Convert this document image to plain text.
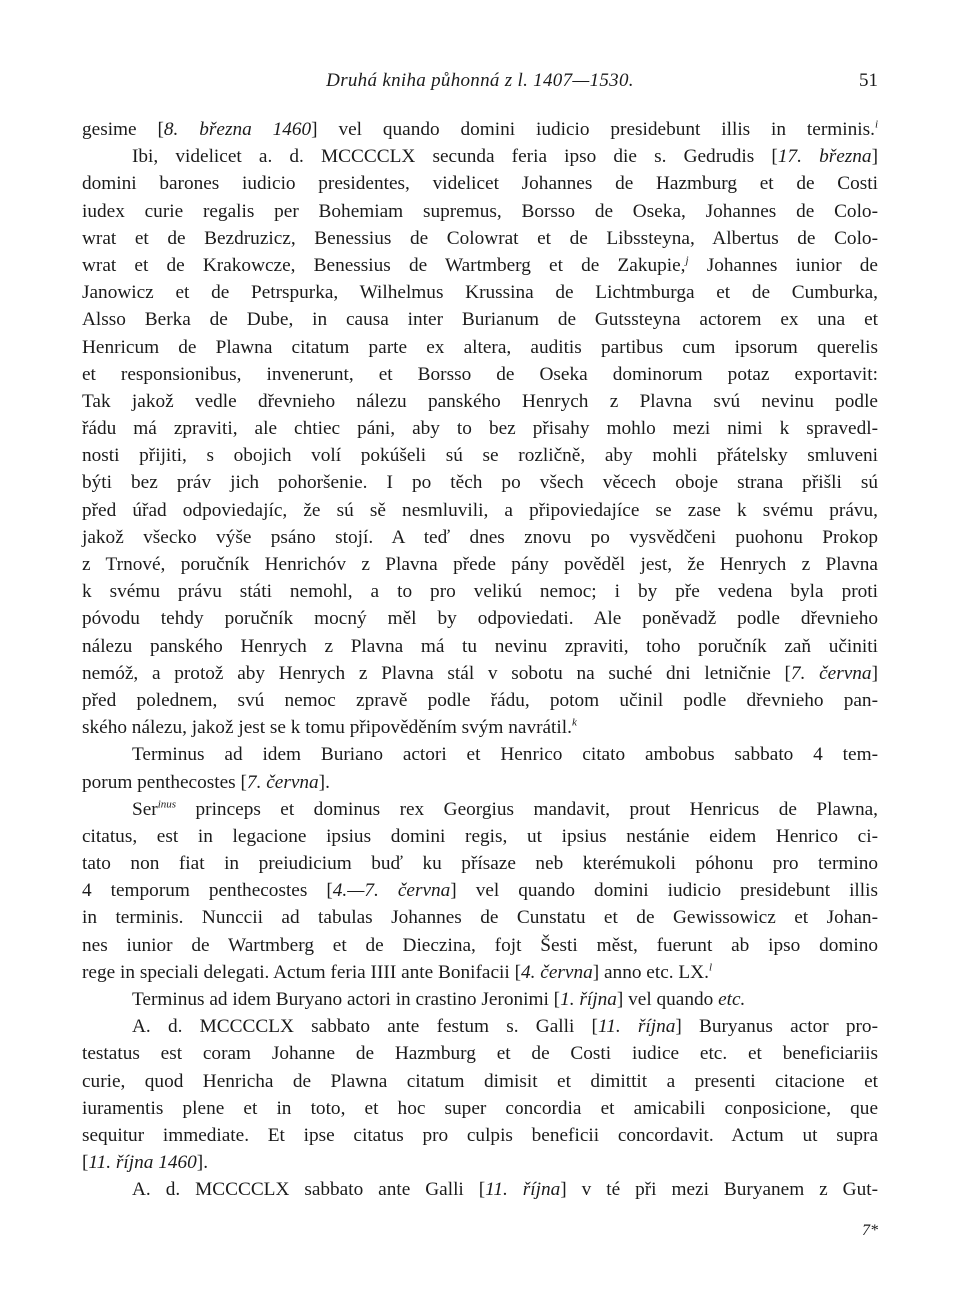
Druhá kniha půhonná z l. 1407—1530.	51
gesime [8. března 1460] vel quando domini iudicio presidebunt illis in terminis.$^i$
Ibi, videlicet a. d. MCCCCLX secunda feria ipso die s. Gedrudis [17. března]
domini barones iudicio presidentes, videlicet Johannes de Hazmburg et de Costi
iudex curie regalis per Bohemiam supremus, Borsso de Oseka, Johannes de Colo-
wrat et de Bezdruzicz, Benessius de Colowrat et de Libssteyna, Albertus de Colo-
wrat et de Krakowcze, Benessius de Wartmberg et de Zakupie,$^j$ Johannes iunior de
Janowicz et de Petrspurka, Wilhelmus Krussina de Lichtmburga et de Cumburka,
Alsso Berka de Dube, in causa inter Burianum de Gutssteyna actorem ex una et
Henricum de Plawna citatum parte ex altera, auditis partibus cum ipsorum querelis
et responsionibus, invenerunt, et Borsso de Oseka dominorum potaz exportavit:
Tak jakož vedle dřevnieho nálezu panského Henrych z Plavna svú nevinu podle
řádu má zpraviti, ale chtiec páni, aby to bez přisahy mohlo mezi nimi k spravedl-
nosti přijiti, s obojich volí pokúšeli sú se rozličně, aby mohli přátelsky smluveni
býti bez práv jich pohoršenie. I po těch po všech věcech oboje strana přišli sú
před úřad odpoviedajíc, že sú sě nesmluvili, a připoviedajíce se zase k svému právu,
jakož všecko výše psáno stojí. A teď dnes znovu po vysvědčeni puohonu Prokop
z Trnové, poručník Henrichóv z Plavna přede pány pověděl jest, že Henrych z Plavna
k svému právu státi nemohl, a to pro velikú nemoc; i by pře vedena byla proti
póvodu tehdy poručník mocný měl by odpoviedati. Ale poněvadž podle dřevnieho
nálezu panského Henrych z Plavna má tu nevinu zpraviti, toho poručník zaň učiniti
nemóž, a protož aby Henrych z Plavna stál v sobotu na suché dni letničnie [7. června]
před polednem, svú nemoc zpravě podle řádu, potom učinil podle dřevnieho pan-
ského nálezu, jakož jest se k tomu připověděním svým navrátil.$^k$
Terminus ad idem Buriano actori et Henrico citato ambobus sabbato 4 tem-
porum penthecostes [7. června].
Ser$^{inus}$ princeps et dominus rex Georgius mandavit, prout Henricus de Plawna,
citatus, est in legacione ipsius domini regis, ut ipsius nestánie eidem Henrico ci-
tato non fiat in preiudicium buď ku přísaze neb kterémukoli póhonu pro termino
4 temporum penthecostes [4.—7. června] vel quando domini iudicio presidebunt illis
in terminis. Nunccii ad tabulas Johannes de Cunstatu et de Gewissowicz et Johan-
nes iunior de Wartmberg et de Dieczina, fojt Šesti měst, fuerunt ab ipso domino
rege in speciali delegati. Actum feria IIII ante Bonifacii [4. června] anno etc. LX.$^l$
Terminus ad idem Buryano actori in crastino Jeronimi [1. října] vel quando etc.
A. d. MCCCCLX sabbato ante festum s. Galli [11. října] Buryanus actor pro-
testatus est coram Johanne de Hazmburg et de Costi iudice etc. et beneficiariis
curie, quod Henricha de Plawna citatum dimisit et dimittit a presenti citacione et
iuramentis plene et in toto, et hoc super concordia et amicabili conposicione, que
sequitur immediate. Et ipse citatus pro culpis beneficii concordavit. Actum ut supra
[11. října 1460].
A. d. MCCCCLX sabbato ante Galli [11. října] v té při mezi Buryanem z Gut-
7*
